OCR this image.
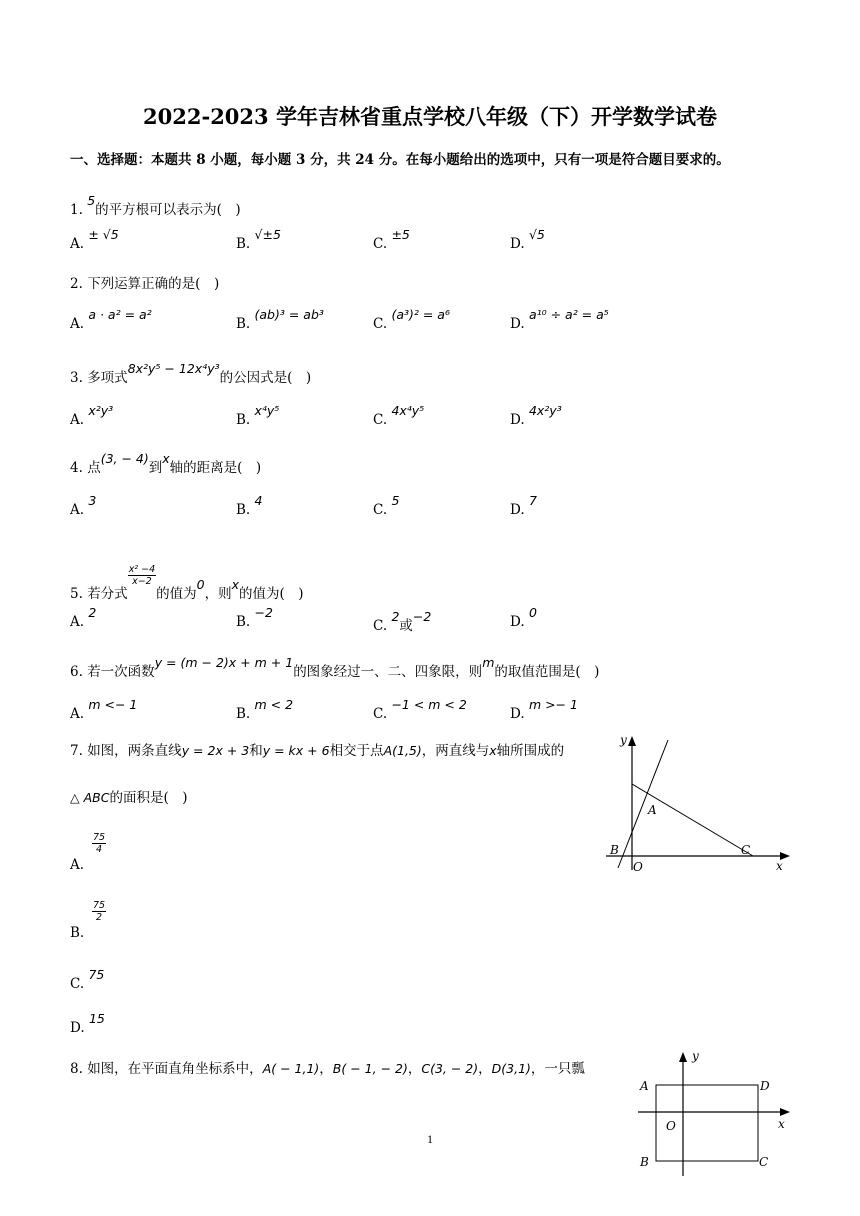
2022-2023 学年吉林省重点学校八年级（下）开学数学试卷
一、选择题：本题共 8 小题，每小题 3 分，共 24 分。在每小题给出的选项中，只有一项是符合题目要求的。
1. 5的平方根可以表示为(　)
A. ± √5
B. √±5
C. ±5
D. √5
2. 下列运算正确的是(　)
A. a · a² = a²
B. (ab)³ = ab³
C. (a³)² = a⁶
D. a¹⁰ ÷ a² = a⁵
3. 多项式8x²y⁵ − 12x⁴y³的公因式是(　)
A. x²y³
B. x⁴y⁵
C. 4x⁴y⁵
D. 4x²y³
4. 点(3, − 4)到x轴的距离是(　)
A. 3
B. 4
C. 5
D. 7
5. 若分式
$\frac{\text{x² −4}}{x-2}$
的值为0，则x的值为(　)
A. 2
B. −2
C. 2或−2	D. 0
6. 若一次函数y = (m − 2)x + m + 1的图象经过一、二、四象限，则m的取值范围是(　)
A. m <− 1
B. m < 2
C. −1 < m < 2
D. m >− 1
7. 如图，两条直线y = 2x + 3和y = kx + 6相交于点A(1,5)，两直线与x轴所围成的
△ ABC的面积是(　)
$\frac{75}{4}$
A.
$\frac{75}{2}$
B.
C. 75
D. 15
y
x
A
B
O
C
8. 如图，在平面直角坐标系中，A( − 1,1)，B( − 1, − 2)，C(3, − 2)，D(3,1)，一只瓢
y
x
A
B
O
C
D
1
